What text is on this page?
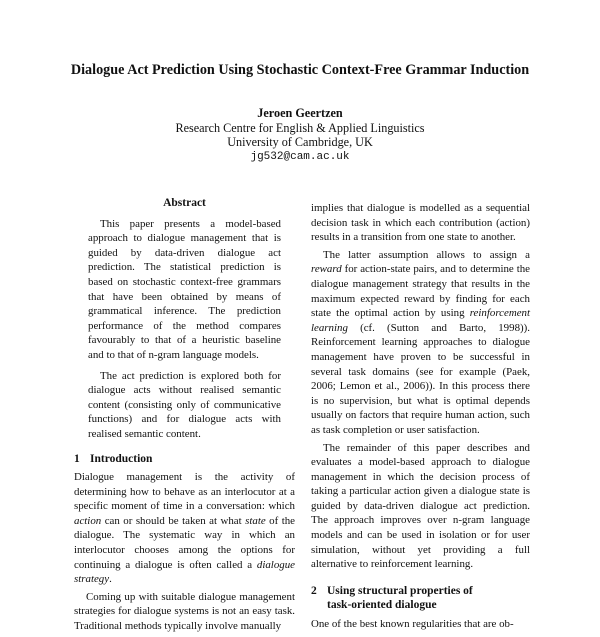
Dialogue Act Prediction Using Stochastic Context-Free Grammar Induction
Jeroen Geertzen
Research Centre for English & Applied Linguistics
University of Cambridge, UK
jg532@cam.ac.uk
Abstract

This paper presents a model-based approach to dialogue management that is guided by data-driven dialogue act prediction. The statistical prediction is based on stochastic context-free grammars that have been obtained by means of grammatical inference. The prediction performance of the method compares favourably to that of a heuristic baseline and to that of n-gram language models.

The act prediction is explored both for dialogue acts without realised semantic content (consisting only of communicative functions) and for dialogue acts with realised semantic content.

1 Introduction

Dialogue management is the activity of determining how to behave as an interlocutor at a specific moment of time in a conversation: which action can or should be taken at what state of the dialogue. The systematic way in which an interlocutor chooses among the options for continuing a dialogue is often called a dialogue strategy.

Coming up with suitable dialogue management strategies for dialogue systems is not an easy task. Traditional methods typically involve manually

implies that dialogue is modelled as a sequential decision task in which each contribution (action) results in a transition from one state to another.

The latter assumption allows to assign a reward for action-state pairs, and to determine the dialogue management strategy that results in the maximum expected reward by finding for each state the optimal action by using reinforcement learning (cf. (Sutton and Barto, 1998)). Reinforcement learning approaches to dialogue management have proven to be successful in several task domains (see for example (Paek, 2006; Lemon et al., 2006)). In this process there is no supervision, but what is optimal depends usually on factors that require human action, such as task completion or user satisfaction.

The remainder of this paper describes and evaluates a model-based approach to dialogue management in which the decision process of taking a particular action given a dialogue state is guided by data-driven dialogue act prediction. The approach improves over n-gram language models and can be used in isolation or for user simulation, without yet providing a full alternative to reinforcement learning.

2 Using structural properties of
task-oriented dialogue

One of the best known regularities that are ob-
